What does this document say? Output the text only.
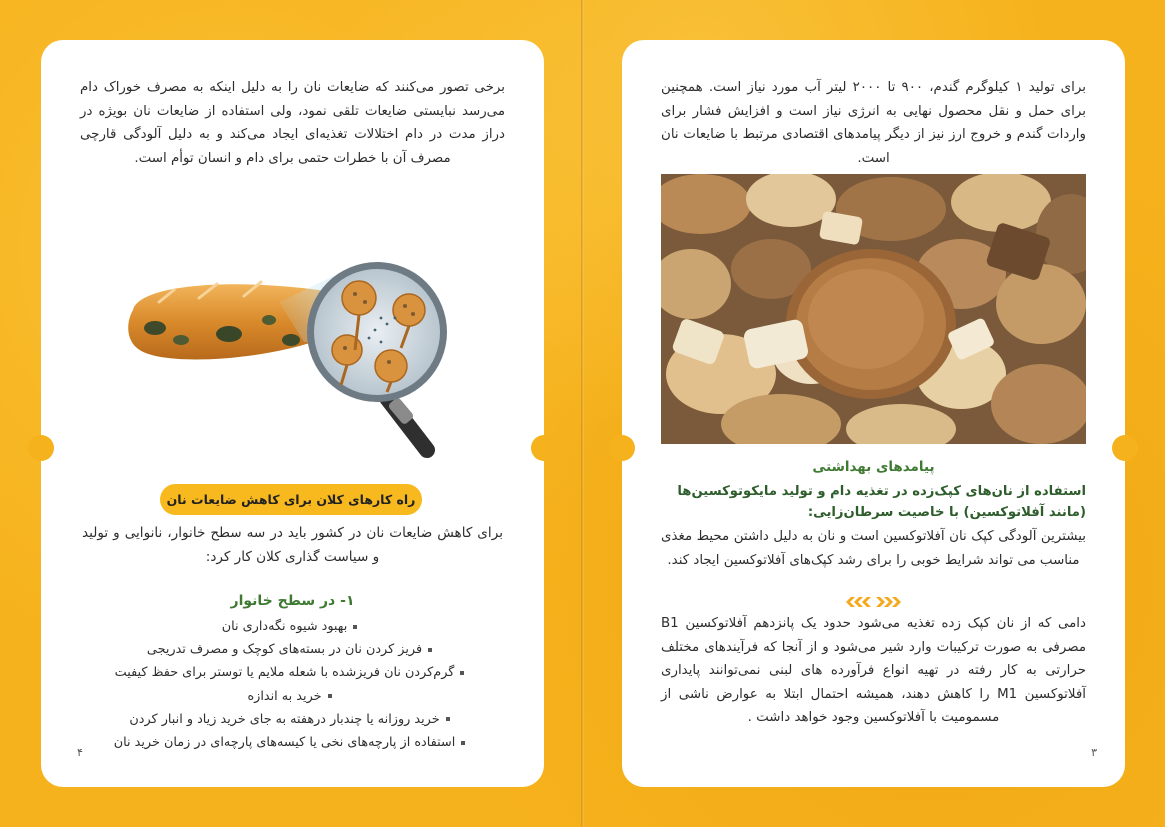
برخی تصور می‌کنند که ضایعات نان را به دلیل اینکه به مصرف خوراک دام می‌رسد نبایستی ضایعات تلقی نمود، ولی استفاده از ضایعات نان بویژه در دراز مدت در دام اختلالات تغذیه‌ای ایجاد می‌کند و به دلیل آلودگی قارچی مصرف آن با خطرات حتمی برای دام و انسان توأم است.

راه کارهای کلان برای کاهش ضایعات نان

برای کاهش ضایعات نان در کشور باید در سه سطح خانوار، نانوایی و تولید و سیاست گذاری کلان کار کرد:

۱- در سطح خانوار
بهبود شیوه نگه‌داری نان
فریز کردن نان در بسته‌های کوچک و مصرف تدریجی
گرم‌کردن نان فریزشده با شعله ملایم یا توستر برای حفظ کیفیت
خرید به اندازه
خرید روزانه یا چندبار درهفته به جای خرید زیاد و انبار کردن
استفاده از پارچه‌های نخی یا کیسه‌های پارچه‌ای در زمان خرید نان
۴

برای تولید ۱ کیلوگرم گندم، ۹۰۰ تا ۲۰۰۰ لیتر آب مورد نیاز است. همچنین برای حمل و نقل محصول نهایی به انرژی نیاز است و افزایش فشار برای واردات گندم و خروج ارز نیز از دیگر پیامدهای اقتصادی مرتبط با ضایعات نان است.

پیامدهای بهداشتی
استفاده از نان‌های کپک‌زده در تغذیه دام و تولید مایکوتوکسین‌ها
(مانند آفلاتوکسین) با خاصیت سرطان‌زایی:

بیشترین آلودگی کپک نان آفلاتوکسین است و نان به دلیل داشتن محیط مغذی مناسب می تواند شرایط خوبی را برای رشد کپک‌های آفلاتوکسین ایجاد کند.

دامی که از نان کپک زده تغذیه می‌شود حدود یک پانزدهم آفلاتوکسین B1 مصرفی به صورت ترکیبات وارد شیر می‌شود و از آنجا که فرآیندهای مختلف حرارتی به کار رفته در تهیه انواع فرآورده های لبنی نمی‌توانند پایداری آفلاتوکسین M1 را کاهش دهند، همیشه احتمال ابتلا به عوارض ناشی از مسمومیت با آفلاتوکسین وجود خواهد داشت .

۳
